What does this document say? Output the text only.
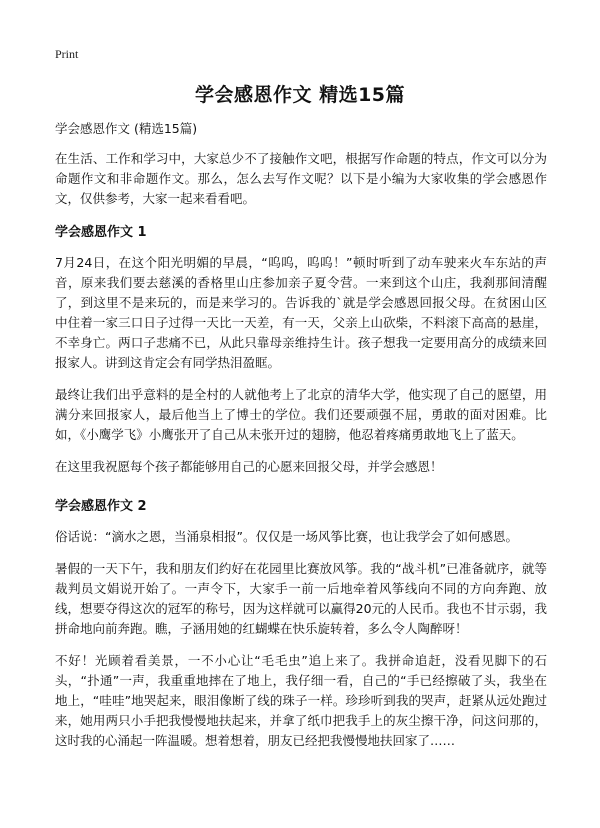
Print
学会感恩作文 精选15篇
学会感恩作文 (精选15篇)

在生活、工作和学习中，大家总少不了接触作文吧，根据写作命题的特点，作文可以分为命题作文和非命题作文。那么，怎么去写作文呢？以下是小编为大家收集的学会感恩作文，仅供参考，大家一起来看看吧。

学会感恩作文 1

7月24日，在这个阳光明媚的早晨，“呜呜，呜呜！”顿时听到了动车驶来火车东站的声音，原来我们要去慈溪的香格里山庄参加亲子夏令营。一来到这个山庄，我刹那间清醒了，到这里不是来玩的，而是来学习的。告诉我的`就是学会感恩回报父母。在贫困山区中住着一家三口日子过得一天比一天差，有一天，父亲上山砍柴，不料滚下高高的悬崖，不幸身亡。两口子悲痛不已，从此只靠母亲维持生计。孩子想我一定要用高分的成绩来回报家人。讲到这肯定会有同学热泪盈眶。

最终让我们出乎意料的是全村的人就他考上了北京的清华大学，他实现了自己的愿望，用满分来回报家人，最后他当上了博士的学位。我们还要顽强不屈，勇敢的面对困难。比如，《小鹰学飞》小鹰张开了自己从未张开过的翅膀，他忍着疼痛勇敢地飞上了蓝天。

在这里我祝愿每个孩子都能够用自己的心愿来回报父母，并学会感恩！

学会感恩作文 2

俗话说：“滴水之恩，当涌泉相报”。仅仅是一场风筝比赛，也让我学会了如何感恩。

暑假的一天下午，我和朋友们约好在花园里比赛放风筝。我的“战斗机”已准备就序，就等裁判员文娟说开始了。一声令下，大家手一前一后地牵着风筝线向不同的方向奔跑、放线，想要夺得这次的冠军的称号，因为这样就可以赢得20元的人民币。我也不甘示弱，我拼命地向前奔跑。瞧，子涵用她的红蝴蝶在快乐旋转着，多么令人陶醉呀！

不好！光顾着看美景，一不小心让“毛毛虫”追上来了。我拼命追赶，没看见脚下的石头，“扑通”一声，我重重地摔在了地上，我仔细一看，自己的“手已经擦破了头，我坐在地上，“哇哇”地哭起来，眼泪像断了线的珠子一样。珍珍听到我的哭声，赶紧从远处跑过来，她用两只小手把我慢慢地扶起来，并拿了纸巾把我手上的灰尘擦干净，问这问那的，这时我的心涌起一阵温暖。想着想着，朋友已经把我慢慢地扶回家了……
